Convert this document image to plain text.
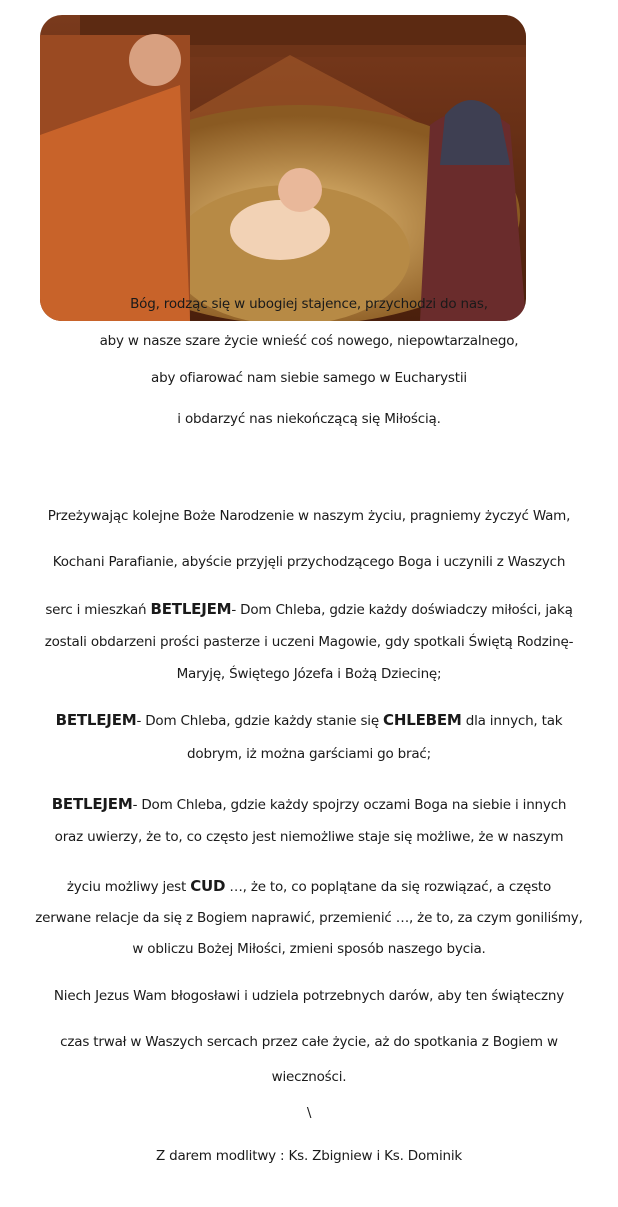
Bóg, rodząc się w ubogiej stajence, przychodzi do nas,
aby w nasze szare życie wnieść coś nowego, niepowtarzalnego,
aby ofiarować nam siebie samego w Eucharystii
i obdarzyć nas niekończącą się Miłością.
Przeżywając kolejne Boże Narodzenie w naszym życiu, pragniemy życzyć Wam,
Kochani Parafianie, abyście przyjęli przychodzącego Boga i uczynili z Waszych
serc i mieszkań BETLEJEM- Dom Chleba, gdzie każdy doświadczy miłości, jaką
zostali obdarzeni prości pasterze i uczeni Magowie, gdy spotkali Świętą Rodzinę-
Maryję, Świętego Józefa i Bożą Dziecinę;
BETLEJEM- Dom Chleba, gdzie każdy stanie się CHLEBEM dla innych, tak
dobrym, iż można garściami go brać;
BETLEJEM- Dom Chleba, gdzie każdy spojrzy oczami Boga na siebie i innych
oraz uwierzy, że to, co często jest niemożliwe staje się możliwe, że w naszym
życiu możliwy jest CUD …, że to, co poplątane da się rozwiązać, a często
zerwane relacje da się z Bogiem naprawić, przemienić …, że to, za czym goniliśmy,
w obliczu Bożej Miłości, zmieni sposób naszego bycia.
Niech Jezus Wam błogosławi i udziela potrzebnych darów, aby ten świąteczny
czas trwał w Waszych sercach przez całe życie, aż do spotkania z Bogiem w
wieczności.
\
Z darem modlitwy : Ks. Zbigniew i Ks. Dominik
